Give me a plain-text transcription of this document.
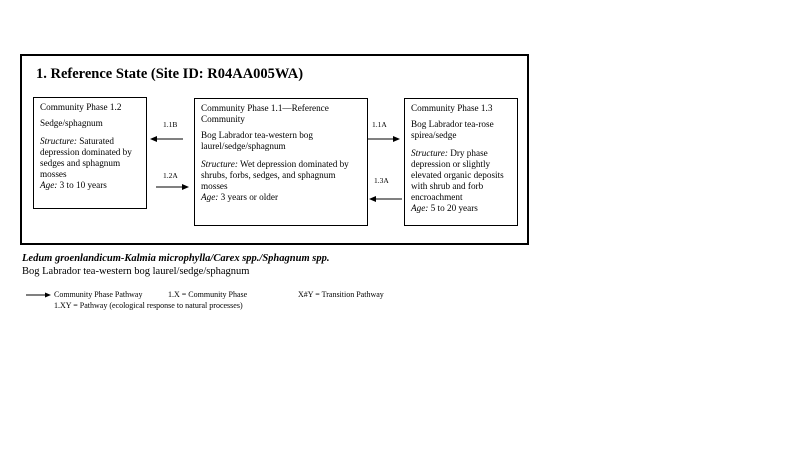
1. Reference State (Site ID: R04AA005WA)

Community Phase 1.2

Sedge/sphagnum

Structure: Saturated depression dominated by sedges and sphagnum mosses

Age: 3 to 10 years

Community Phase 1.1—Reference Community

Bog Labrador tea-western bog laurel/sedge/sphagnum

Structure: Wet depression dominated by shrubs, forbs, sedges, and sphagnum mosses

Age: 3 years or older

Community Phase 1.3

Bog Labrador tea-rose spirea/sedge

Structure: Dry phase depression or slightly elevated organic deposits with shrub and forb encroachment

Age: 5 to 20 years

1.1B
1.2A
1.1A
1.3A
Ledum groenlandicum-Kalmia microphylla/Carex spp./Sphagnum spp.
Bog Labrador tea-western bog laurel/sedge/sphagnum
Community Phase Pathway	1.X = Community Phase	X#Y = Transition Pathway
1.XY = Pathway (ecological response to natural processes)
